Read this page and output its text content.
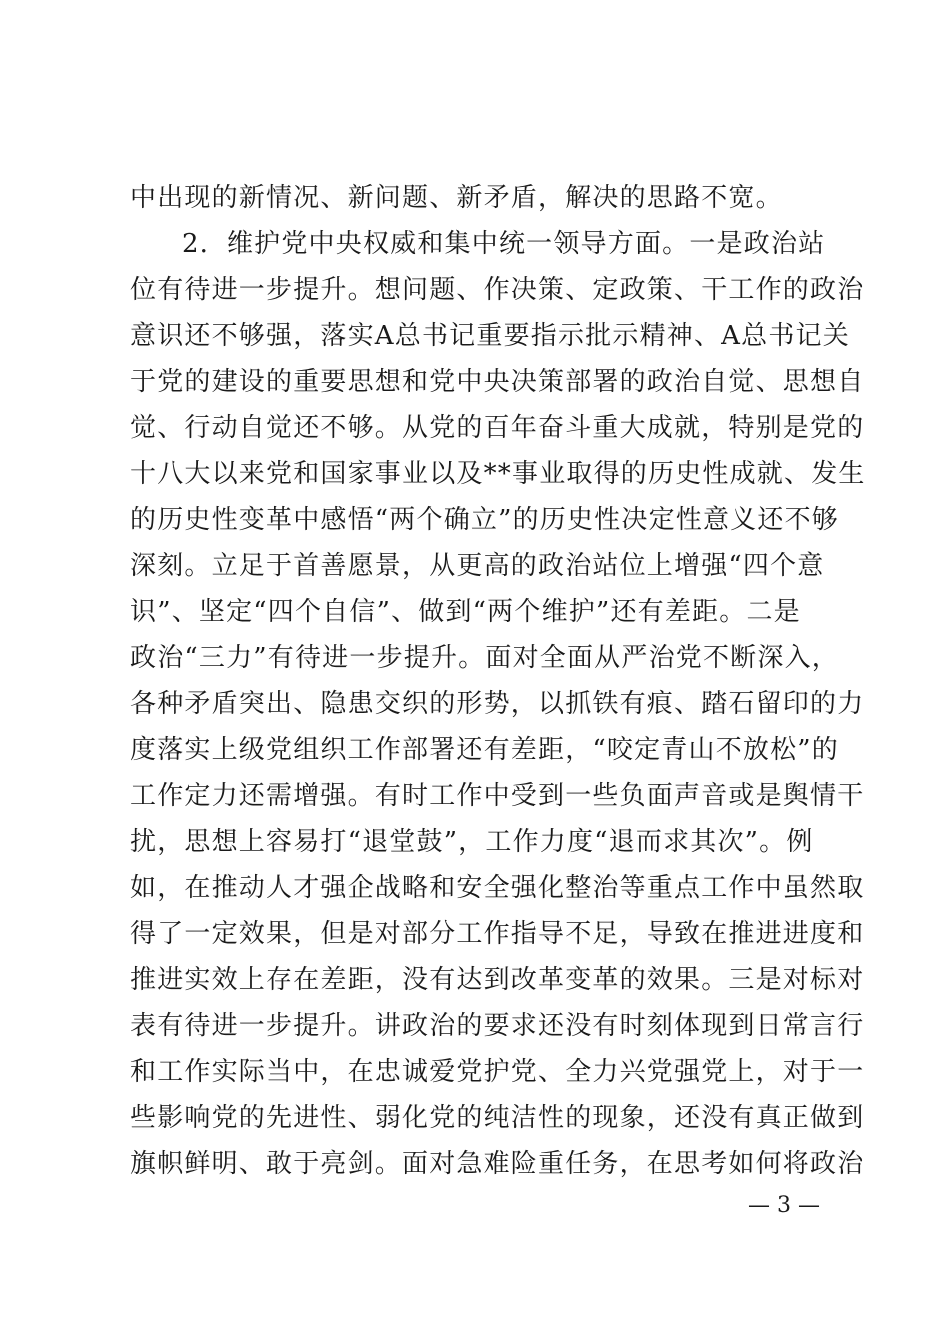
中出现的新情况、新问题、新矛盾，解决的思路不宽。
2．维护党中央权威和集中统一领导方面。一是政治站
位有待进一步提升。想问题、作决策、定政策、干工作的政治
意识还不够强，落实A总书记重要指示批示精神、A总书记关
于党的建设的重要思想和党中央决策部署的政治自觉、思想自
觉、行动自觉还不够。从党的百年奋斗重大成就，特别是党的
十八大以来党和国家事业以及**事业取得的历史性成就、发生
的历史性变革中感悟“两个确立”的历史性决定性意义还不够
深刻。立足于首善愿景，从更高的政治站位上增强“四个意
识”、坚定“四个自信”、做到“两个维护”还有差距。二是
政治“三力”有待进一步提升。面对全面从严治党不断深入，
各种矛盾突出、隐患交织的形势，以抓铁有痕、踏石留印的力
度落实上级党组织工作部署还有差距，“咬定青山不放松”的
工作定力还需增强。有时工作中受到一些负面声音或是舆情干
扰，思想上容易打“退堂鼓”，工作力度“退而求其次”。例
如，在推动人才强企战略和安全强化整治等重点工作中虽然取
得了一定效果，但是对部分工作指导不足，导致在推进进度和
推进实效上存在差距，没有达到改革变革的效果。三是对标对
表有待进一步提升。讲政治的要求还没有时刻体现到日常言行
和工作实际当中，在忠诚爱党护党、全力兴党强党上，对于一
些影响党的先进性、弱化党的纯洁性的现象，还没有真正做到
旗帜鲜明、敢于亮剑。面对急难险重任务，在思考如何将政治
— 3 —
